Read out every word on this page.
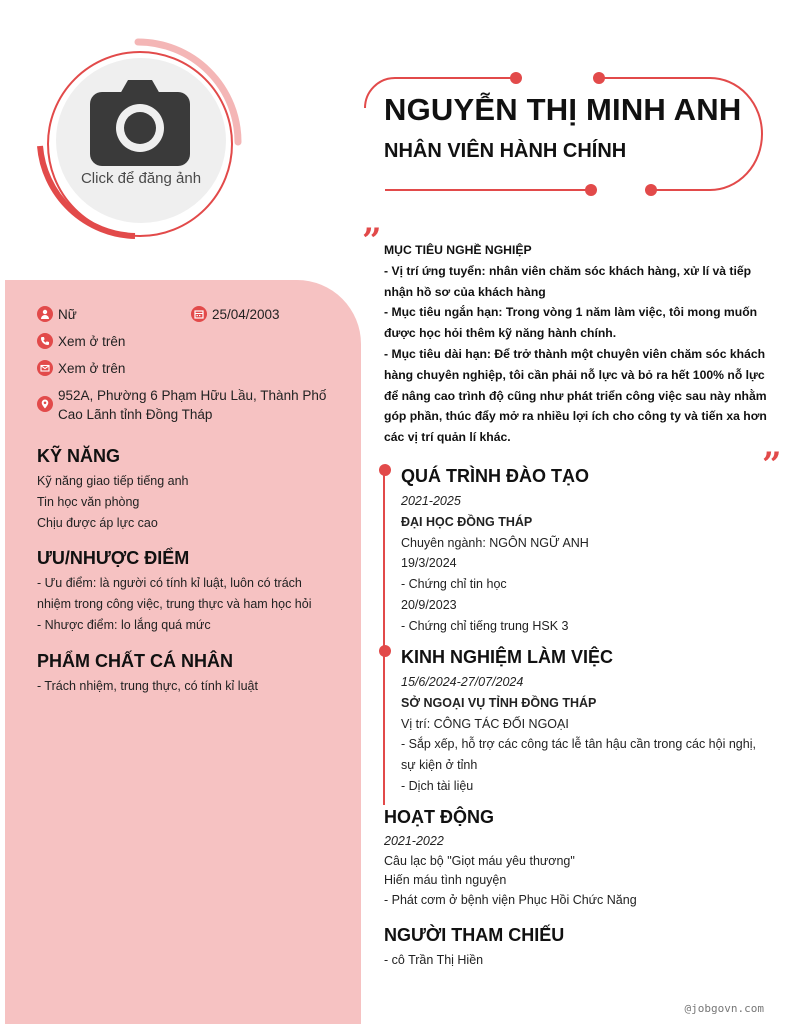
Click để đăng ảnh
NGUYỄN THỊ MINH ANH
NHÂN VIÊN HÀNH CHÍNH
” MỤC TIÊU NGHỀ NGHIỆP
- Vị trí ứng tuyển: nhân viên chăm sóc khách hàng, xử lí và tiếp nhận hồ sơ của khách hàng
- Mục tiêu ngắn hạn: Trong vòng 1 năm làm việc, tôi mong muốn được học hỏi thêm kỹ năng hành chính.
- Mục tiêu dài hạn: Để trở thành một chuyên viên chăm sóc khách hàng chuyên nghiệp, tôi cần phải nỗ lực và bỏ ra hết 100% nỗ lực để nâng cao trình độ cũng như phát triển công việc sau này nhằm góp phần, thúc đẩy mở ra nhiều lợi ích cho công ty và tiến xa hơn các vị trí quản lí khác.
”
Nữ	25/04/2003
Xem ở trên
Xem ở trên
952A, Phường 6 Phạm Hữu Lầu, Thành Phố Cao Lãnh tỉnh Đồng Tháp
KỸ NĂNG
Kỹ năng giao tiếp tiếng anh
Tin học văn phòng
Chịu được áp lực cao
ƯU/NHƯỢC ĐIỂM
- Ưu điểm: là người có tính kỉ luật, luôn có trách nhiệm trong công việc, trung thực và ham học hỏi
- Nhược điểm: lo lắng quá mức
PHẨM CHẤT CÁ NHÂN
- Trách nhiệm, trung thực, có tính kỉ luật
QUÁ TRÌNH ĐÀO TẠO
2021-2025
ĐẠI HỌC ĐỒNG THÁP
Chuyên ngành: NGÔN NGỮ ANH
19/3/2024
- Chứng chỉ tin học
20/9/2023
- Chứng chỉ tiếng trung HSK 3
KINH NGHIỆM LÀM VIỆC
15/6/2024-27/07/2024
SỞ NGOẠI VỤ TỈNH ĐỒNG THÁP
Vị trí: CÔNG TÁC ĐỐI NGOẠI
- Sắp xếp, hỗ trợ các công tác lễ tân hậu cần trong các hội nghị, sự kiện ở tỉnh
- Dịch tài liệu
HOẠT ĐỘNG
2021-2022
Câu lạc bộ "Giọt máu yêu thương"
Hiến máu tình nguyện
- Phát cơm ở bệnh viện Phục Hồi Chức Năng
NGƯỜI THAM CHIẾU
- cô Trần Thị Hiền
@jobgovn.com
